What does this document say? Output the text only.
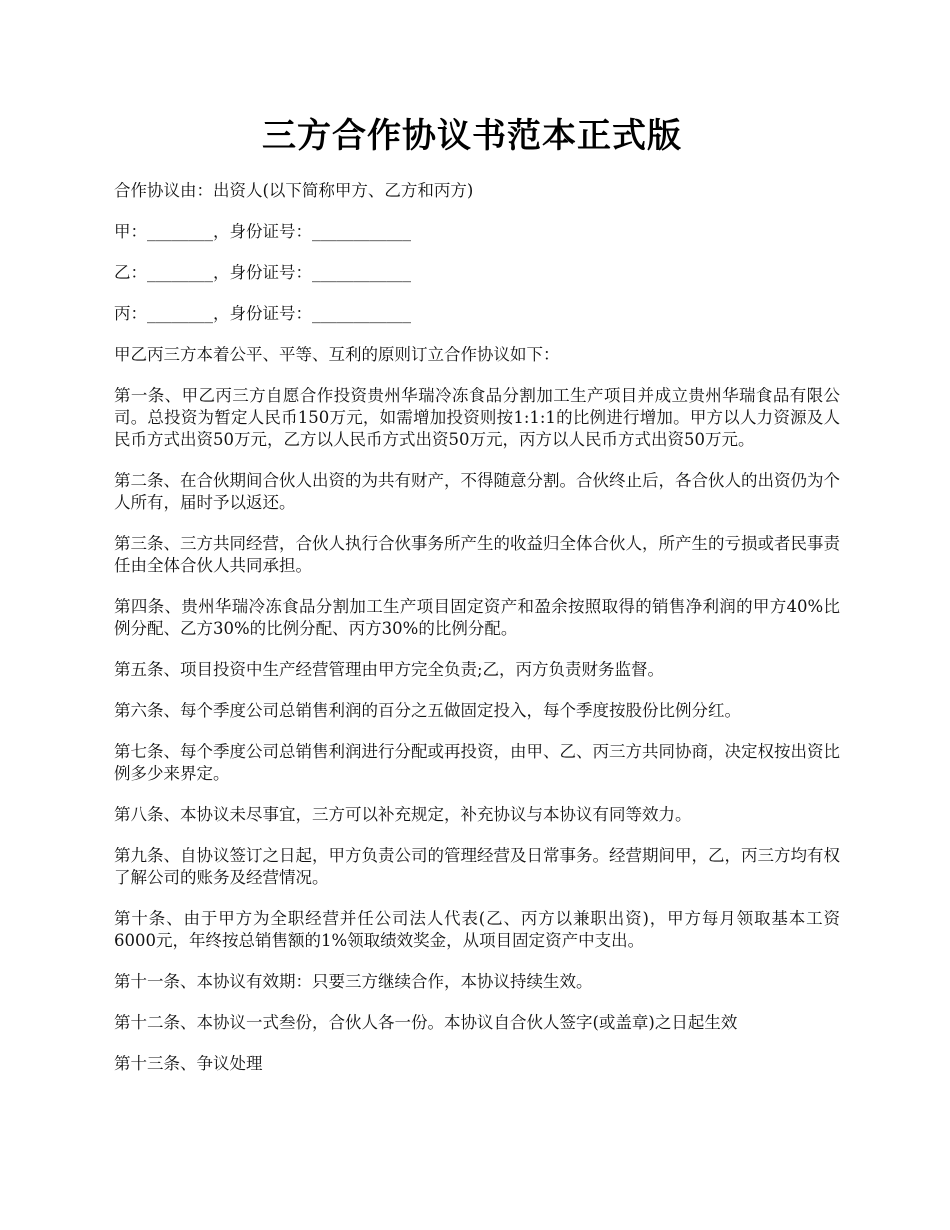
三方合作协议书范本正式版

合作协议由：出资人(以下简称甲方、乙方和丙方)

甲：________，身份证号：____________

乙：________，身份证号：____________

丙：________，身份证号：____________

甲乙丙三方本着公平、平等、互利的原则订立合作协议如下：

第一条、甲乙丙三方自愿合作投资贵州华瑞冷冻食品分割加工生产项目并成立贵州华瑞食品有限公司。总投资为暂定人民币150万元，如需增加投资则按1:1:1的比例进行增加。甲方以人力资源及人民币方式出资50万元，乙方以人民币方式出资50万元，丙方以人民币方式出资50万元。

第二条、在合伙期间合伙人出资的为共有财产，不得随意分割。合伙终止后，各合伙人的出资仍为个人所有，届时予以返还。

第三条、三方共同经营，合伙人执行合伙事务所产生的收益归全体合伙人，所产生的亏损或者民事责任由全体合伙人共同承担。

第四条、贵州华瑞冷冻食品分割加工生产项目固定资产和盈余按照取得的销售净利润的甲方40%比例分配、乙方30%的比例分配、丙方30%的比例分配。

第五条、项目投资中生产经营管理由甲方完全负责;乙，丙方负责财务监督。

第六条、每个季度公司总销售利润的百分之五做固定投入，每个季度按股份比例分红。

第七条、每个季度公司总销售利润进行分配或再投资，由甲、乙、丙三方共同协商，决定权按出资比例多少来界定。

第八条、本协议未尽事宜，三方可以补充规定，补充协议与本协议有同等效力。

第九条、自协议签订之日起，甲方负责公司的管理经营及日常事务。经营期间甲，乙，丙三方均有权了解公司的账务及经营情况。

第十条、由于甲方为全职经营并任公司法人代表(乙、丙方以兼职出资)，甲方每月领取基本工资6000元，年终按总销售额的1%领取绩效奖金，从项目固定资产中支出。

第十一条、本协议有效期：只要三方继续合作，本协议持续生效。

第十二条、本协议一式叁份，合伙人各一份。本协议自合伙人签字(或盖章)之日起生效

第十三条、争议处理
